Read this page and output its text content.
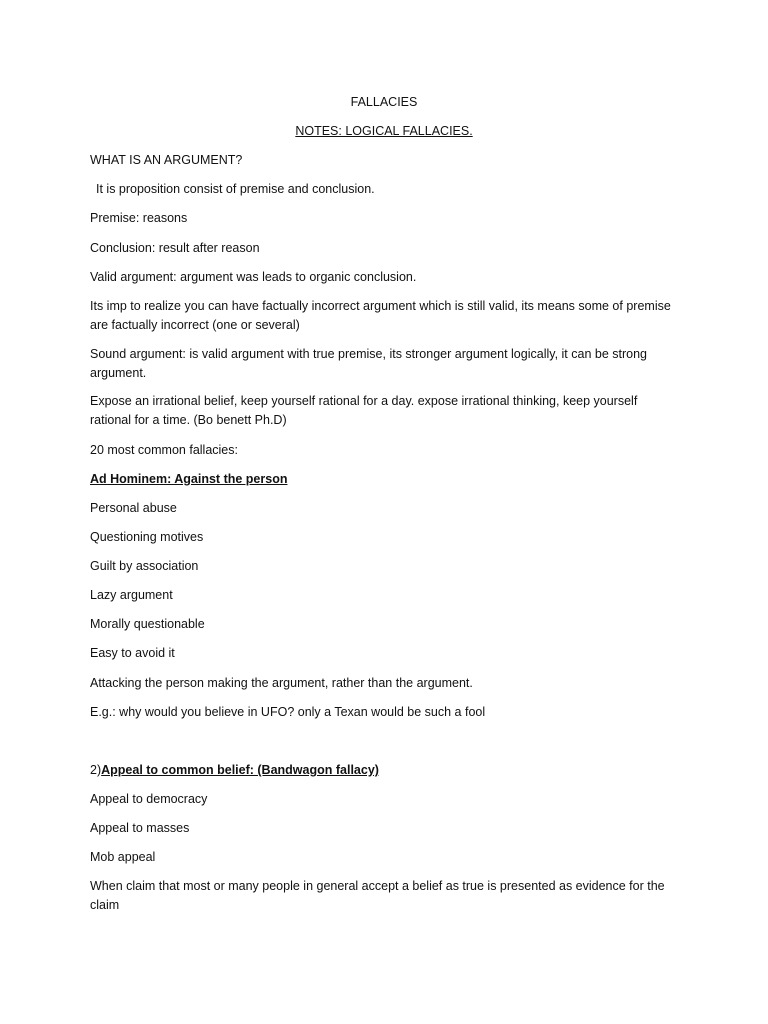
FALLACIES
NOTES: LOGICAL FALLACIES.
WHAT IS AN ARGUMENT?
It is proposition consist of premise and conclusion.
Premise: reasons
Conclusion: result after reason
Valid argument: argument was leads to organic conclusion.
Its imp to realize you can have factually incorrect argument which is still valid, its means some of premise are factually incorrect (one or several)
Sound argument: is valid argument with true premise, its stronger argument logically, it can be strong argument.
Expose an irrational belief, keep yourself rational for a day. expose irrational thinking, keep yourself rational for a time. (Bo benett Ph.D)
20 most common fallacies:
Ad Hominem: Against the person
Personal abuse
Questioning motives
Guilt by association
Lazy argument
Morally questionable
Easy to avoid it
Attacking the person making the argument, rather than the argument.
E.g.: why would you believe in UFO? only a Texan would be such a fool
2)Appeal to common belief: (Bandwagon fallacy)
Appeal to democracy
Appeal to masses
Mob appeal
When claim that most or many people in general accept a belief as true is presented as evidence for the claim
